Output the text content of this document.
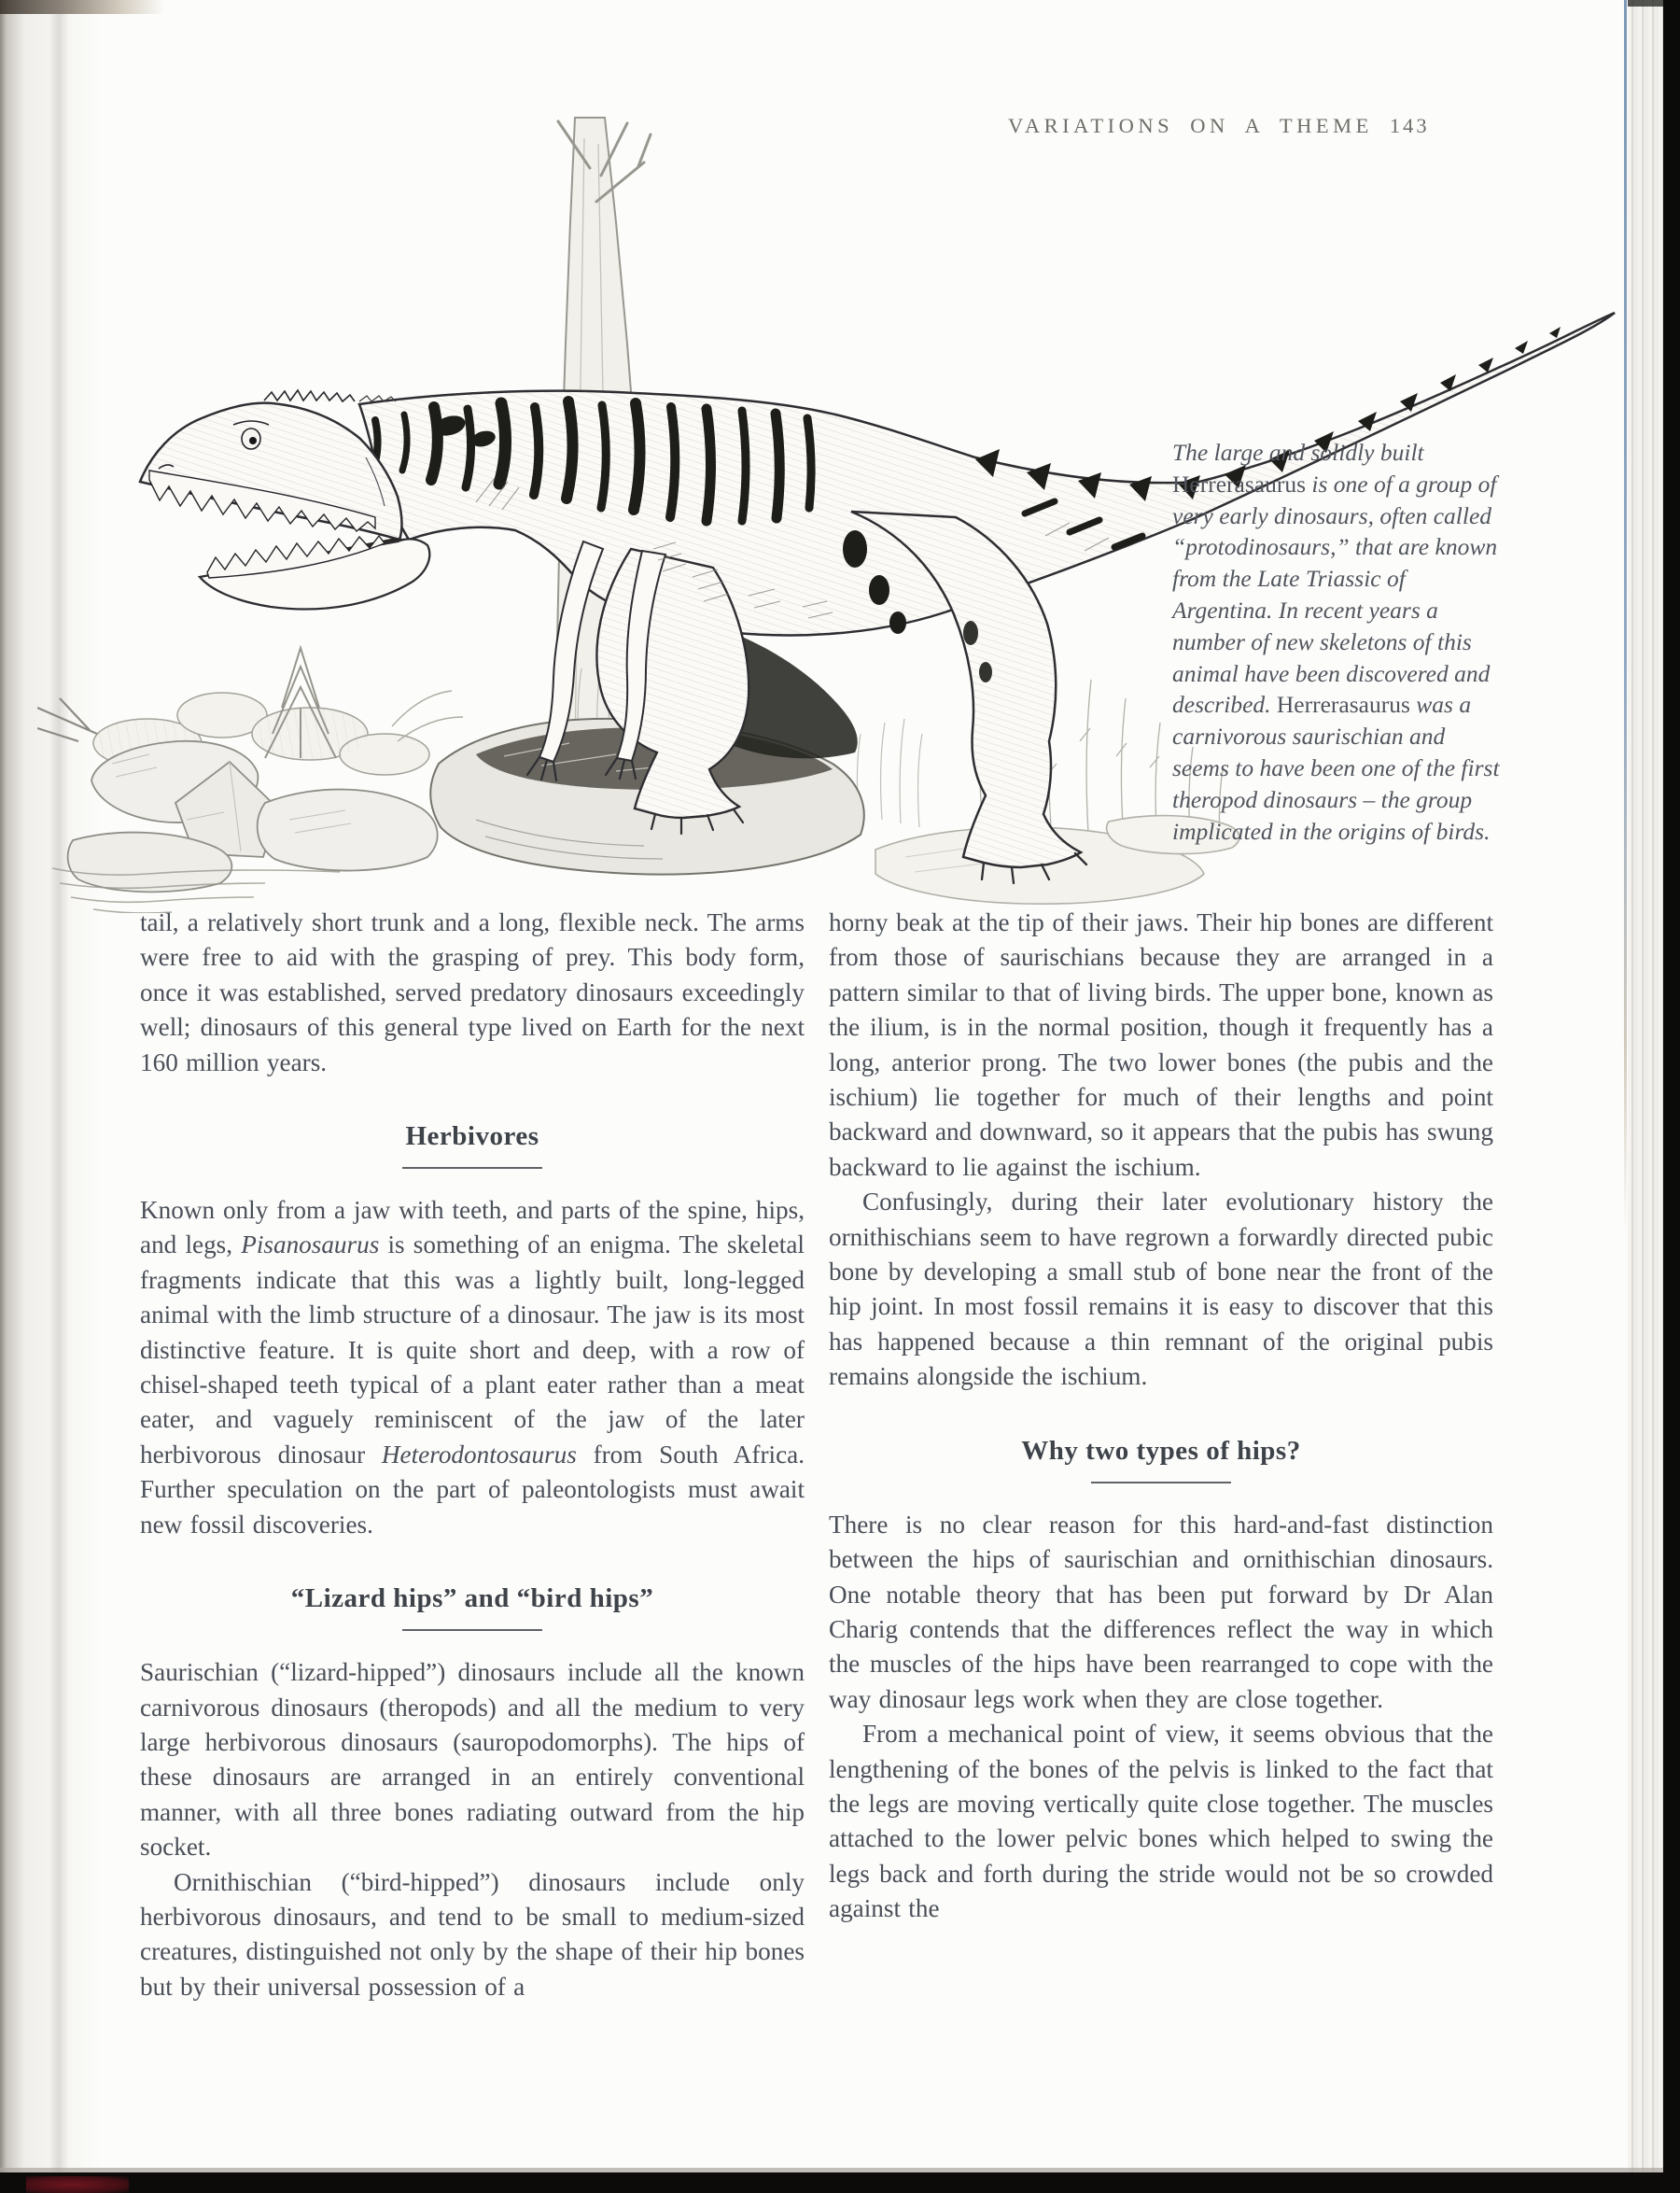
VARIATIONS ON A THEME 143
The large and solidly built Herrerasaurus is one of a group of very early dinosaurs, often called “protodinosaurs,” that are known from the Late Triassic of Argentina. In recent years a number of new skeletons of this animal have been discovered and described. Herrerasaurus was a carnivorous saurischian and seems to have been one of the first theropod dinosaurs – the group implicated in the origins of birds.

tail, a relatively short trunk and a long, flexible neck. The arms were free to aid with the grasping of prey. This body form, once it was established, served predatory dinosaurs exceedingly well; dinosaurs of this general type lived on Earth for the next 160 million years.

Herbivores

Known only from a jaw with teeth, and parts of the spine, hips, and legs, Pisanosaurus is something of an enigma. The skeletal fragments indicate that this was a lightly built, long-legged animal with the limb structure of a dinosaur. The jaw is its most distinctive feature. It is quite short and deep, with a row of chisel-shaped teeth typical of a plant eater rather than a meat eater, and vaguely reminiscent of the jaw of the later herbivorous dinosaur Heterodontosaurus from South Africa. Further speculation on the part of paleontologists must await new fossil discoveries.

“Lizard hips” and “bird hips”

Saurischian (“lizard-hipped”) dinosaurs include all the known carnivorous dinosaurs (theropods) and all the medium to very large herbivorous dinosaurs (sauropodomorphs). The hips of these dinosaurs are arranged in an entirely conventional manner, with all three bones radiating outward from the hip socket.

Ornithischian (“bird-hipped”) dinosaurs include only herbivorous dinosaurs, and tend to be small to medium-sized creatures, distinguished not only by the shape of their hip bones but by their universal possession of a

horny beak at the tip of their jaws. Their hip bones are different from those of saurischians because they are arranged in a pattern similar to that of living birds. The upper bone, known as the ilium, is in the normal position, though it frequently has a long, anterior prong. The two lower bones (the pubis and the ischium) lie together for much of their lengths and point backward and downward, so it appears that the pubis has swung backward to lie against the ischium.

Confusingly, during their later evolutionary history the ornithischians seem to have regrown a forwardly directed pubic bone by developing a small stub of bone near the front of the hip joint. In most fossil remains it is easy to discover that this has happened because a thin remnant of the original pubis remains alongside the ischium.

Why two types of hips?

There is no clear reason for this hard-and-fast distinction between the hips of saurischian and ornithischian dinosaurs. One notable theory that has been put forward by Dr Alan Charig contends that the differences reflect the way in which the muscles of the hips have been rearranged to cope with the way dinosaur legs work when they are close together.

From a mechanical point of view, it seems obvious that the lengthening of the bones of the pelvis is linked to the fact that the legs are moving vertically quite close together. The muscles attached to the lower pelvic bones which helped to swing the legs back and forth during the stride would not be so crowded against the
